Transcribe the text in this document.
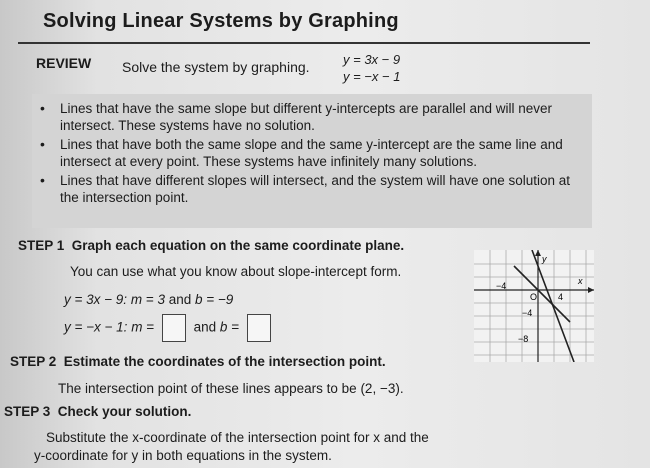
Solving Linear Systems by Graphing
REVIEW Solve the system by graphing.	y = 3x − 9
y = −x − 1
• Lines that have the same slope but different y-intercepts are parallel and will never intersect. These systems have no solution.
• Lines that have both the same slope and the same y-intercept are the same line and intersect at every point. These systems have infinitely many solutions.
• Lines that have different slopes will intersect, and the system will have one solution at the intersection point.
STEP 1 Graph each equation on the same coordinate plane.
You can use what you know about slope-intercept form.
y = 3x − 9: m = 3 and b = −9
y = −x − 1: m =	and b =
STEP 2 Estimate the coordinates of the intersection point.
The intersection point of these lines appears to be (2, −3).
STEP 3 Check your solution.
Substitute the x-coordinate of the intersection point for x and the
y-coordinate for y in both equations in the system.
x
y
O
−4
4
−4
−8
